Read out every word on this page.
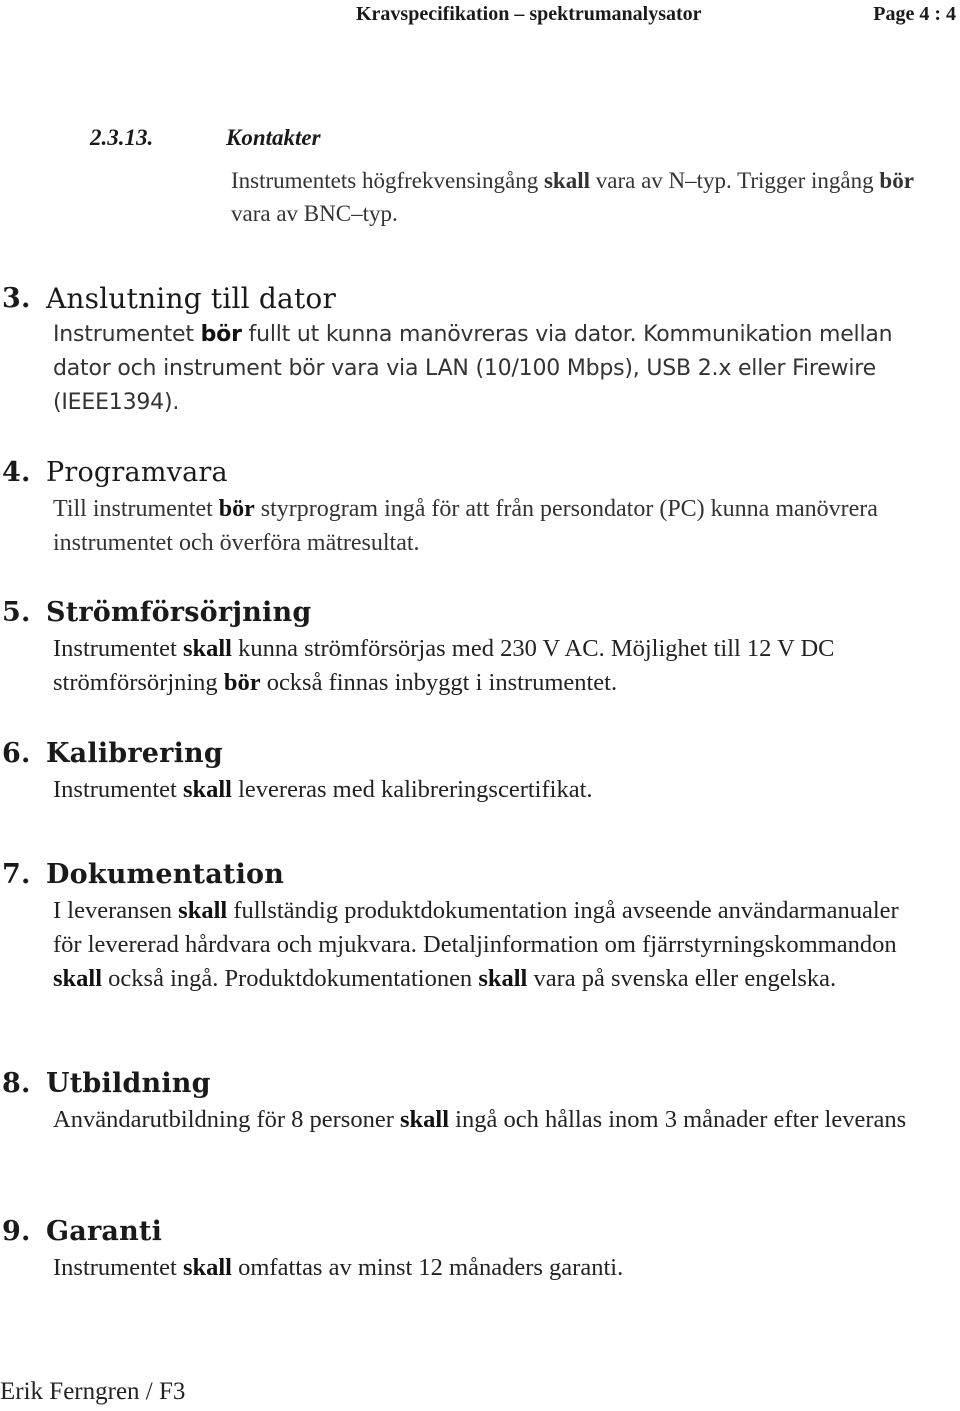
Kravspecifikation – spektrumanalysator	Page 4 : 4
2.3.13.	Kontakter
Instrumentets högfrekvensingång skall vara av N–typ. Trigger ingång bör vara av BNC–typ.
3. Anslutning till dator
Instrumentet bör fullt ut kunna manövreras via dator. Kommunikation mellan dator och instrument bör vara via LAN (10/100 Mbps), USB 2.x eller Firewire (IEEE1394).
4. Programvara
Till instrumentet bör styrprogram ingå för att från persondator (PC) kunna manövrera instrumentet och överföra mätresultat.
5. Strömförsörjning
Instrumentet skall kunna strömförsörjas med 230 V AC. Möjlighet till 12 V DC strömförsörjning bör också finnas inbyggt i instrumentet.
6. Kalibrering
Instrumentet skall levereras med kalibreringscertifikat.
7. Dokumentation
I leveransen skall fullständig produktdokumentation ingå avseende användarmanualer för levererad hårdvara och mjukvara. Detaljinformation om fjärrstyrningskommandon skall också ingå. Produktdokumentationen skall vara på svenska eller engelska.
8. Utbildning
Användarutbildning för 8 personer skall ingå och hållas inom 3 månader efter leverans
9. Garanti
Instrumentet skall omfattas av minst 12 månaders garanti.
Erik Ferngren / F3
